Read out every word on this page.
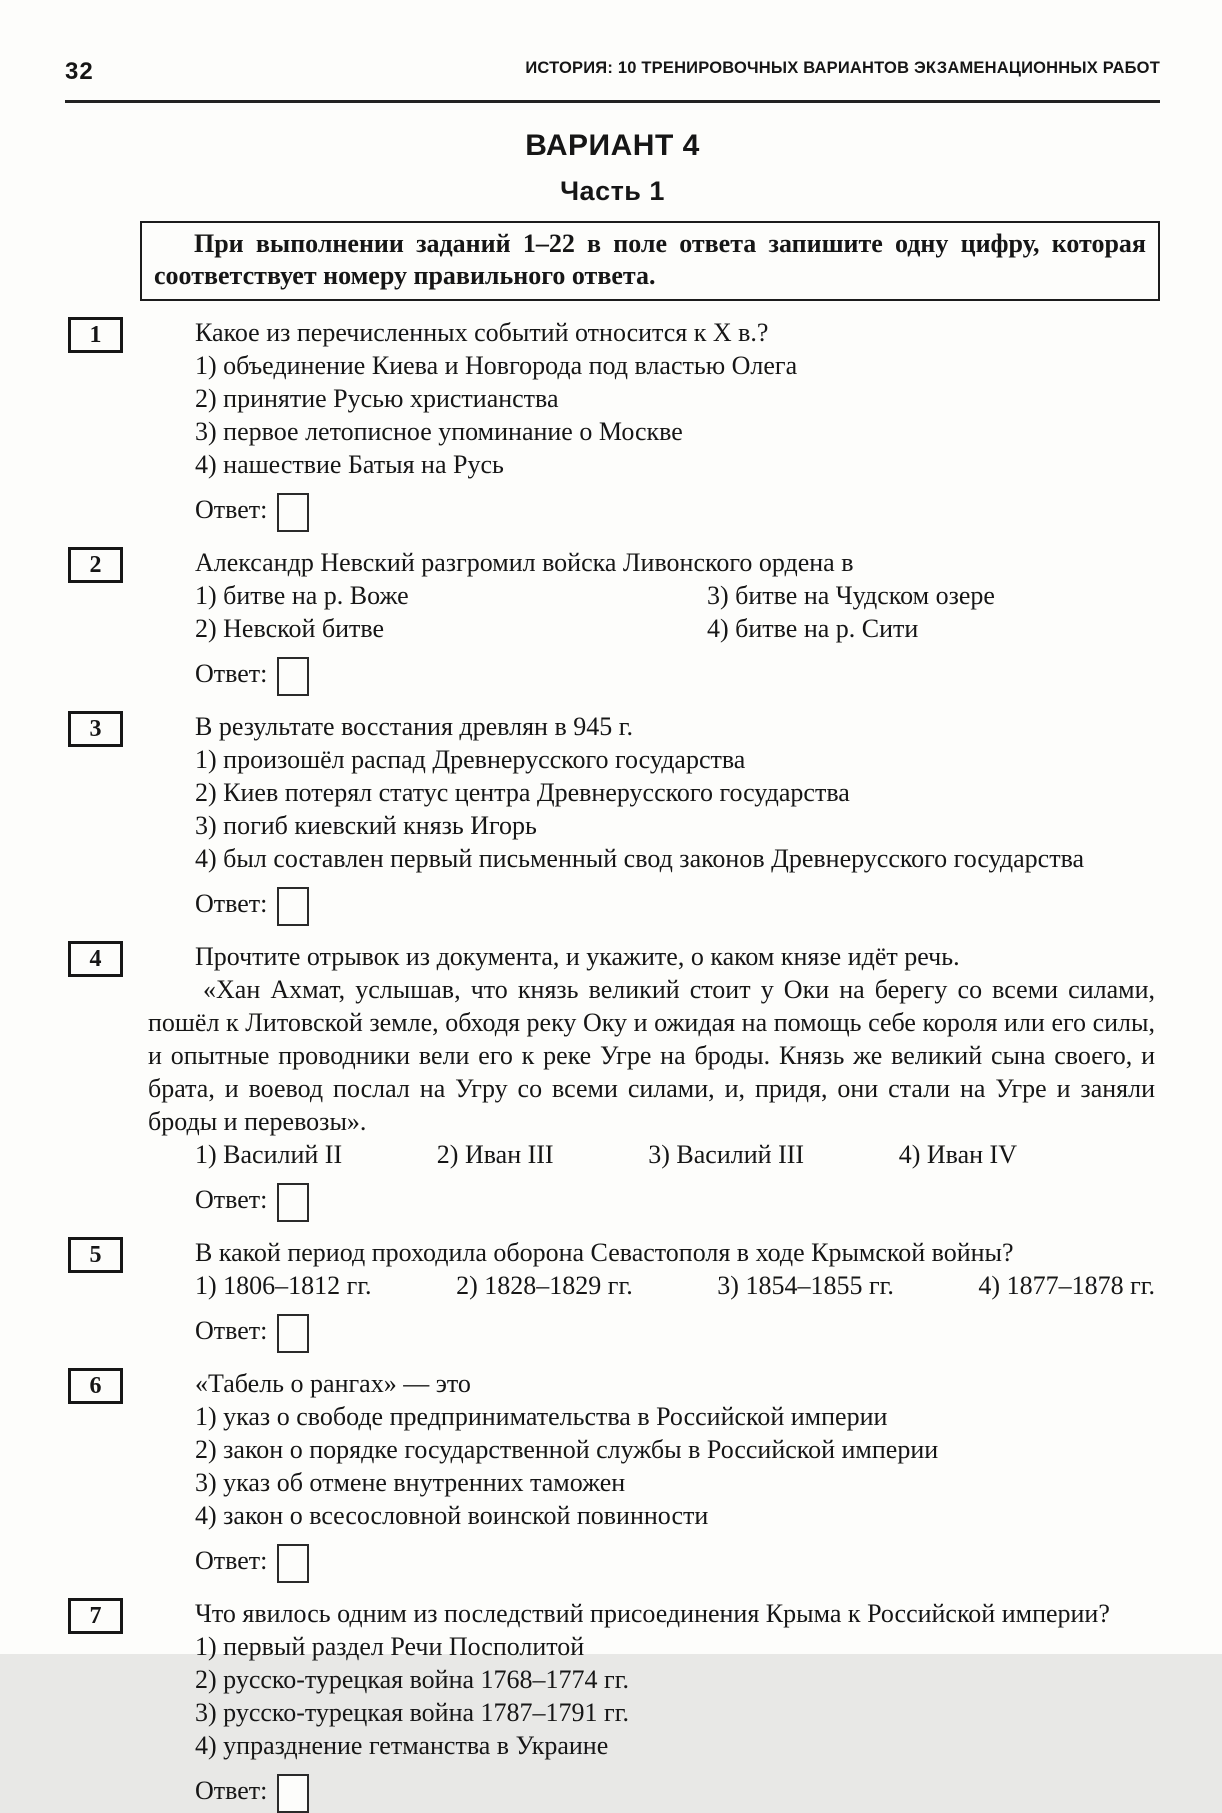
32	ИСТОРИЯ: 10 ТРЕНИРОВОЧНЫХ ВАРИАНТОВ ЭКЗАМЕНАЦИОННЫХ РАБОТ
ВАРИАНТ 4
Часть 1

При выполнении заданий 1–22 в поле ответа запишите одну цифру, которая соответствует номеру правильного ответа.

1	Какое из перечисленных событий относится к X в.?

1) объединение Киева и Новгорода под властью Олега

2) принятие Русью христианства

3) первое летописное упоминание о Москве

4) нашествие Батыя на Русь

Ответ:
2	Александр Невский разгромил войска Ливонского ордена в

1) битве на р. Воже

2) Невской битве

3) битве на Чудском озере

4) битве на р. Сити

Ответ:
3	В результате восстания древлян в 945 г.

1) произошёл распад Древнерусского государства

2) Киев потерял статус центра Древнерусского государства

3) погиб киевский князь Игорь

4) был составлен первый письменный свод законов Древнерусского государства

Ответ:
4	Прочтите отрывок из документа, и укажите, о каком князе идёт речь.

«Хан Ахмат, услышав, что князь великий стоит у Оки на берегу со всеми силами, пошёл к Литовской земле, обходя реку Оку и ожидая на помощь себе короля или его силы, и опытные проводники вели его к реке Угре на броды. Князь же великий сына своего, и брата, и воевод послал на Угру со всеми силами, и, придя, они стали на Угре и заняли броды и перевозы».

1) Василий II	2) Иван III	3) Василий III	4) Иван IV

Ответ:
5	В какой период проходила оборона Севастополя в ходе Крымской войны?

1) 1806–1812 гг.	2) 1828–1829 гг.	3) 1854–1855 гг.	4) 1877–1878 гг.

Ответ:
6	«Табель о рангах» — это

1) указ о свободе предпринимательства в Российской империи

2) закон о порядке государственной службы в Российской империи

3) указ об отмене внутренних таможен

4) закон о всесословной воинской повинности

Ответ:
7	Что явилось одним из последствий присоединения Крыма к Российской империи?

1) первый раздел Речи Посполитой

2) русско-турецкая война 1768–1774 гг.

3) русско-турецкая война 1787–1791 гг.

4) упразднение гетманства в Украине

Ответ:
